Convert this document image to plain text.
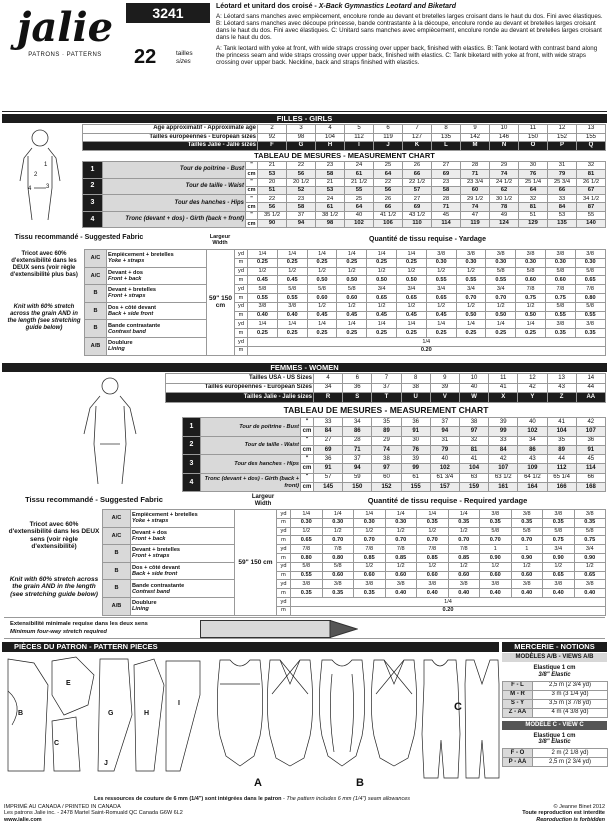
jalie
PATRONS · PATTERNS
3241
22	tailles
sizes
Léotard et unitard dos croisé - X-Back Gymnastics Leotard and Biketard
A: Léotard sans manches avec empiècement, encolure ronde au devant et bretelles larges croisant dans le haut du dos. Fini avec élastiques. B: Léotard sans manches avec découpe princesse, bande contrastante à la découpe, encolure ronde au devant et bretelles larges croisant dans le haut du dos. Fini avec élastiques. C: Unitard sans manches avec empiècement, encolure ronde au devant et bretelles larges croisant dans le haut du dos.
A: Tank leotard with yoke at front, with wide straps crossing over upper back, finished with elastics. B: Tank leotard with contrast band along the princess seam and wide straps crossing over upper back, finished with elastics. C: Tank biketard with yoke at front, with wide straps crossing over upper back. Neckline, back and straps finished with elastics.
FILLES - GIRLS
1
2
3
4
Âge approximatif - Approximate age	2	3	4	5	6	7	8	9	10	11	12	13
Tailles européennes - European sizes	92	98	104	112	119	127	135	142	146	150	152	155
Tailles Jalie - Jalie sizes	F	G	H	I	J	K	L	M	N	O	P	Q
TABLEAU DE MESURES - MEASUREMENT CHART
1	Tour de poitrine - Bust	"	21	22	23	24	25	26	27	28	29	30	31	32
		cm	53	56	58	61	64	66	69	71	74	76	79	81
2	Tour de taille - Waist	"	20	20 1/2	21	21 1/2	22	22 1/2	23	23 3/4	24 1/2	25 1/4	25 3/4	26 1/2
		cm	51	52	53	55	56	57	58	60	62	64	66	67
3	Tour des hanches - Hips	"	22	23	24	25	26	27	28	29 1/2	30 1/2	32	33	34 1/2
		cm	56	58	61	64	66	69	71	74	78	81	84	87
4	Tronc (devant + dos) - Girth (back + front)	"	35 1/2	37	38 1/2	40	41 1/2	43 1/2	45	47	49	51	53	55
		cm	90	94	98	102	106	110	114	119	124	129	135	140
Tissu recommandé - Suggested Fabric
Tricot avec 60% d'extensibilité dans les DEUX sens (voir règle d'extensibilité plus bas)
Knit with 60% stretch across the grain AND in the length (see stretching guide below)
Largeur Width
Quantité de tissu requise - Yardage
A/C	Empiècement + bretelles
Yoke + straps	59" 150 cm	yd	1/4	1/4	1/4	1/4	1/4	1/4	3/8	3/8	3/8	3/8	3/8	3/8
			m	0.25	0.25	0.25	0.25	0.25	0.25	0.30	0.30	0.30	0.30	0.30	0.30
A/C	Devant + dos
Front + back		yd	1/2	1/2	1/2	1/2	1/2	1/2	1/2	1/2	5/8	5/8	5/8	5/8
			m	0.45	0.45	0.50	0.50	0.50	0.50	0.55	0.55	0.55	0.60	0.60	0.65
B	Devant + bretelles
Front + straps		yd	5/8	5/8	5/8	5/8	3/4	3/4	3/4	3/4	3/4	7/8	7/8	7/8
			m	0.55	0.55	0.60	0.60	0.65	0.65	0.65	0.70	0.70	0.75	0.75	0.80
B	Dos + côté devant
Back + side front		yd	3/8	3/8	1/2	1/2	1/2	1/2	1/2	1/2	1/2	1/2	5/8	5/8
			m	0.40	0.40	0.45	0.45	0.45	0.45	0.45	0.50	0.50	0.50	0.55	0.55
B	Bande contrastante
Contrast band		yd	1/4	1/4	1/4	1/4	1/4	1/4	1/4	1/4	1/4	1/4	3/8	3/8
			m	0.25	0.25	0.25	0.25	0.25	0.25	0.25	0.25	0.25	0.25	0.35	0.35
A/B	Doublure
Lining		yd	1/4											
			m	0.20											
FEMMES - WOMEN
Tailles USA - US Sizes	4	6	7	8	9	10	11	12	13	14
Tailles européennes - European Sizes	34	36	37	38	39	40	41	42	43	44
Tailles Jalie - Jalie sizes	R	S	T	U	V	W	X	Y	Z	AA
TABLEAU DE MESURES - MEASUREMENT CHART
1	Tour de poitrine - Bust	"	33	34	35	36	37	38	39	40	41	42
		cm	84	86	89	91	94	97	99	102	104	107
2	Tour de taille - Waist	"	27	28	29	30	31	32	33	34	35	36
		cm	69	71	74	76	79	81	84	86	89	91
3	Tour des hanches - Hips	"	36	37	38	39	40	41	42	43	44	45
		cm	91	94	97	99	102	104	107	109	112	114
4	Tronc (devant + dos) - Girth (back + front)	"	57	59	60	61	61 3/4	63	63 1/2	64 1/2	65 1/4	66
		cm	145	150	152	155	157	159	161	164	166	168
Tissu recommandé - Suggested Fabric
Tricot avec 60% d'extensibilité dans les DEUX sens (voir règle d'extensibilité)
Knit with 60% stretch across the grain AND in the length (see stretching guide below)
Largeur Width	Quantité de tissu requise - Required yardage
A/C	Empiècement + bretelles
Yoke + straps	59" 150 cm	yd	1/4	1/4	1/4	1/4	1/4	1/4	3/8	3/8	3/8	3/8
			m	0.30	0.30	0.30	0.30	0.35	0.35	0.35	0.35	0.35	0.35
A/C	Devant + dos
Front + back		yd	1/2	1/2	1/2	1/2	1/2	1/2	5/8	5/8	5/8	5/8
			m	0.65	0.70	0.70	0.70	0.70	0.70	0.70	0.70	0.75	0.75
B	Devant + bretelles
Front + straps		yd	7/8	7/8	7/8	7/8	7/8	7/8	1	1	3/4	3/4
			m	0.80	0.80	0.85	0.85	0.85	0.85	0.90	0.90	0.90	0.90
B	Dos + côté devant
Back + side front		yd	5/8	5/8	1/2	1/2	1/2	1/2	1/2	1/2	1/2	1/2
			m	0.55	0.60	0.60	0.60	0.60	0.60	0.60	0.60	0.65	0.65
B	Bande contrastante
Contrast band		yd	3/8	3/8	3/8	3/8	3/8	3/8	3/8	3/8	3/8	3/8
			m	0.35	0.35	0.35	0.40	0.40	0.40	0.40	0.40	0.40	0.40
A/B	Doublure
Lining		yd	1/4									
			m	0.20									
Extensibilité minimale requise dans les deux sens
Minimum four-way stretch required
PIÈCES DU PATRON - PATTERN PIECES	MERCERIE - NOTIONS
B
C
E
G	H
I
J
A	B
C
Les ressources de couture de 6 mm (1/4") sont intégrées dans le patron - The pattern includes 6 mm (1/4") seam allowances
MODÈLES A/B - VIEWS A/B
Elastique 1 cm
3/8" Elastic
F - L	2,5 m (2 3/4 yd)
M - R	3 m (3 1/4 yd)
S - Y	3,5 m (3 7/8 yd)
Z - AA	4 m (4 3/8 yd)
MODÈLE C - VIEW C
Elastique 1 cm
3/8" Elastic
F - O	2 m (2 1/8 yd)
P - AA	2,5 m (2 3/4 yd)
IMPRIMÉ AU CANADA / PRINTED IN CANADA
Les patrons Jalie inc. - 2478 Martel Saint-Romuald QC Canada G6W 6L2
www.jalie.com
© Jeanne Binet 2012
Toute reproduction est interdite
Reproduction is forbidden
